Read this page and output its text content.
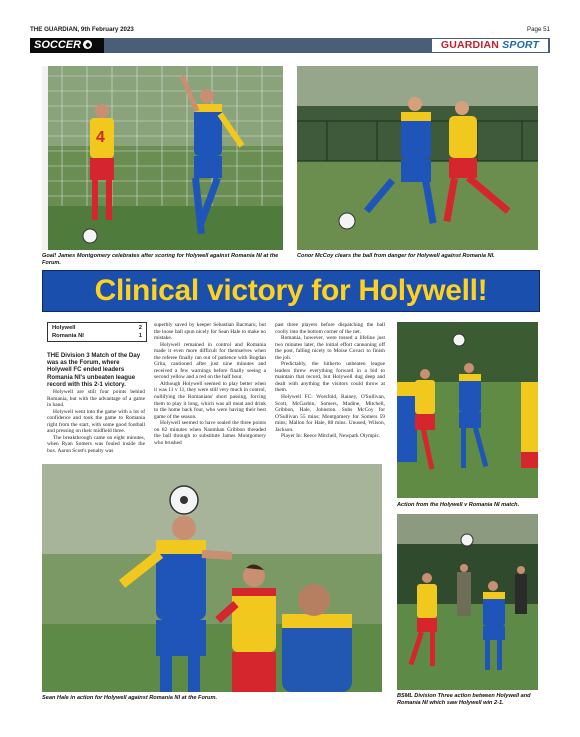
THE GUARDIAN, 9th February 2023	Page 51
SOCCER	GUARDIAN SPORT
4
Goal! James Montgomery celebrates after scoring for Holywell against Romania NI at the Forum.
Conor McCoy clears the ball from danger for Holywell against Romania NI.
Clinical victory for Holywell!
Holywell	2
Romania NI	1

THE Division 3 Match of the Day was as the Forum, where Holywell FC ended leaders Romania NI's unbeaten league record with this 2-1 victory.

Holywell are still four points behind Romania, but with the advantage of a game in hand.

Holywell went into the game with a lot of confidence and took the game to Romania right from the start, with some good football and pressing on their midfield three.

The breakthrough came on eight minutes, when Ryan Somers was fouled inside the box. Aaron Scott's penalty was

superbly saved by keeper Sebastian Bacmaru, but the loose ball spun nicely for Sean Hale to make no mistake.

Holywell remained in control and Romania made it even more difficult for themselves when the referee finally ran out of patience with Bogdan Grita, cautioned after just nine minutes and received a few warnings before finally seeing a second yellow and a red on the half hour.

Although Holywell seemed to play better when it was 11 v 11, they were still very much in control, nullifying the Romanians' short passing, forcing them to play it long, which was all meat and drink to the home back four, who were having their best game of the season.

Holywell seemed to have sealed the three points on 82 minutes when Naomhan Gribbon threaded the ball through to substitute James Montgomery who brushed

past three players before dispatching the ball coolly into the bottom corner of the net.

Romania, however, were tossed a lifeline just two minutes later, the initial effort cannoning off the post, falling nicely to Moise Covaci to finish the job.

Predictably, the hitherto unbeaten league leaders threw everything forward in a bid to maintain that record, but Holywell dug deep and dealt with anything the visitors could throw at them.

Holywell FC: Worsfold, Rainey, O'Sullivan, Scott, McGarbin, Somers, Madine, Mitchell, Gribbon, Hale, Johnston. Subs McCoy for O'Sullivan 55 mins; Montgomery for Somers 59 mins; Mallon for Hale, 88 mins. Unused, Wilson, Jackson.

Player In: Reece Mitchell, Newpark Olympic.

Action from the Holywell v Romania NI match.
Sean Hale in action for Holywell against Romania NI at the Forum.	BSML Division Three action between Holywell and Romania NI which saw Holywell win 2-1.
